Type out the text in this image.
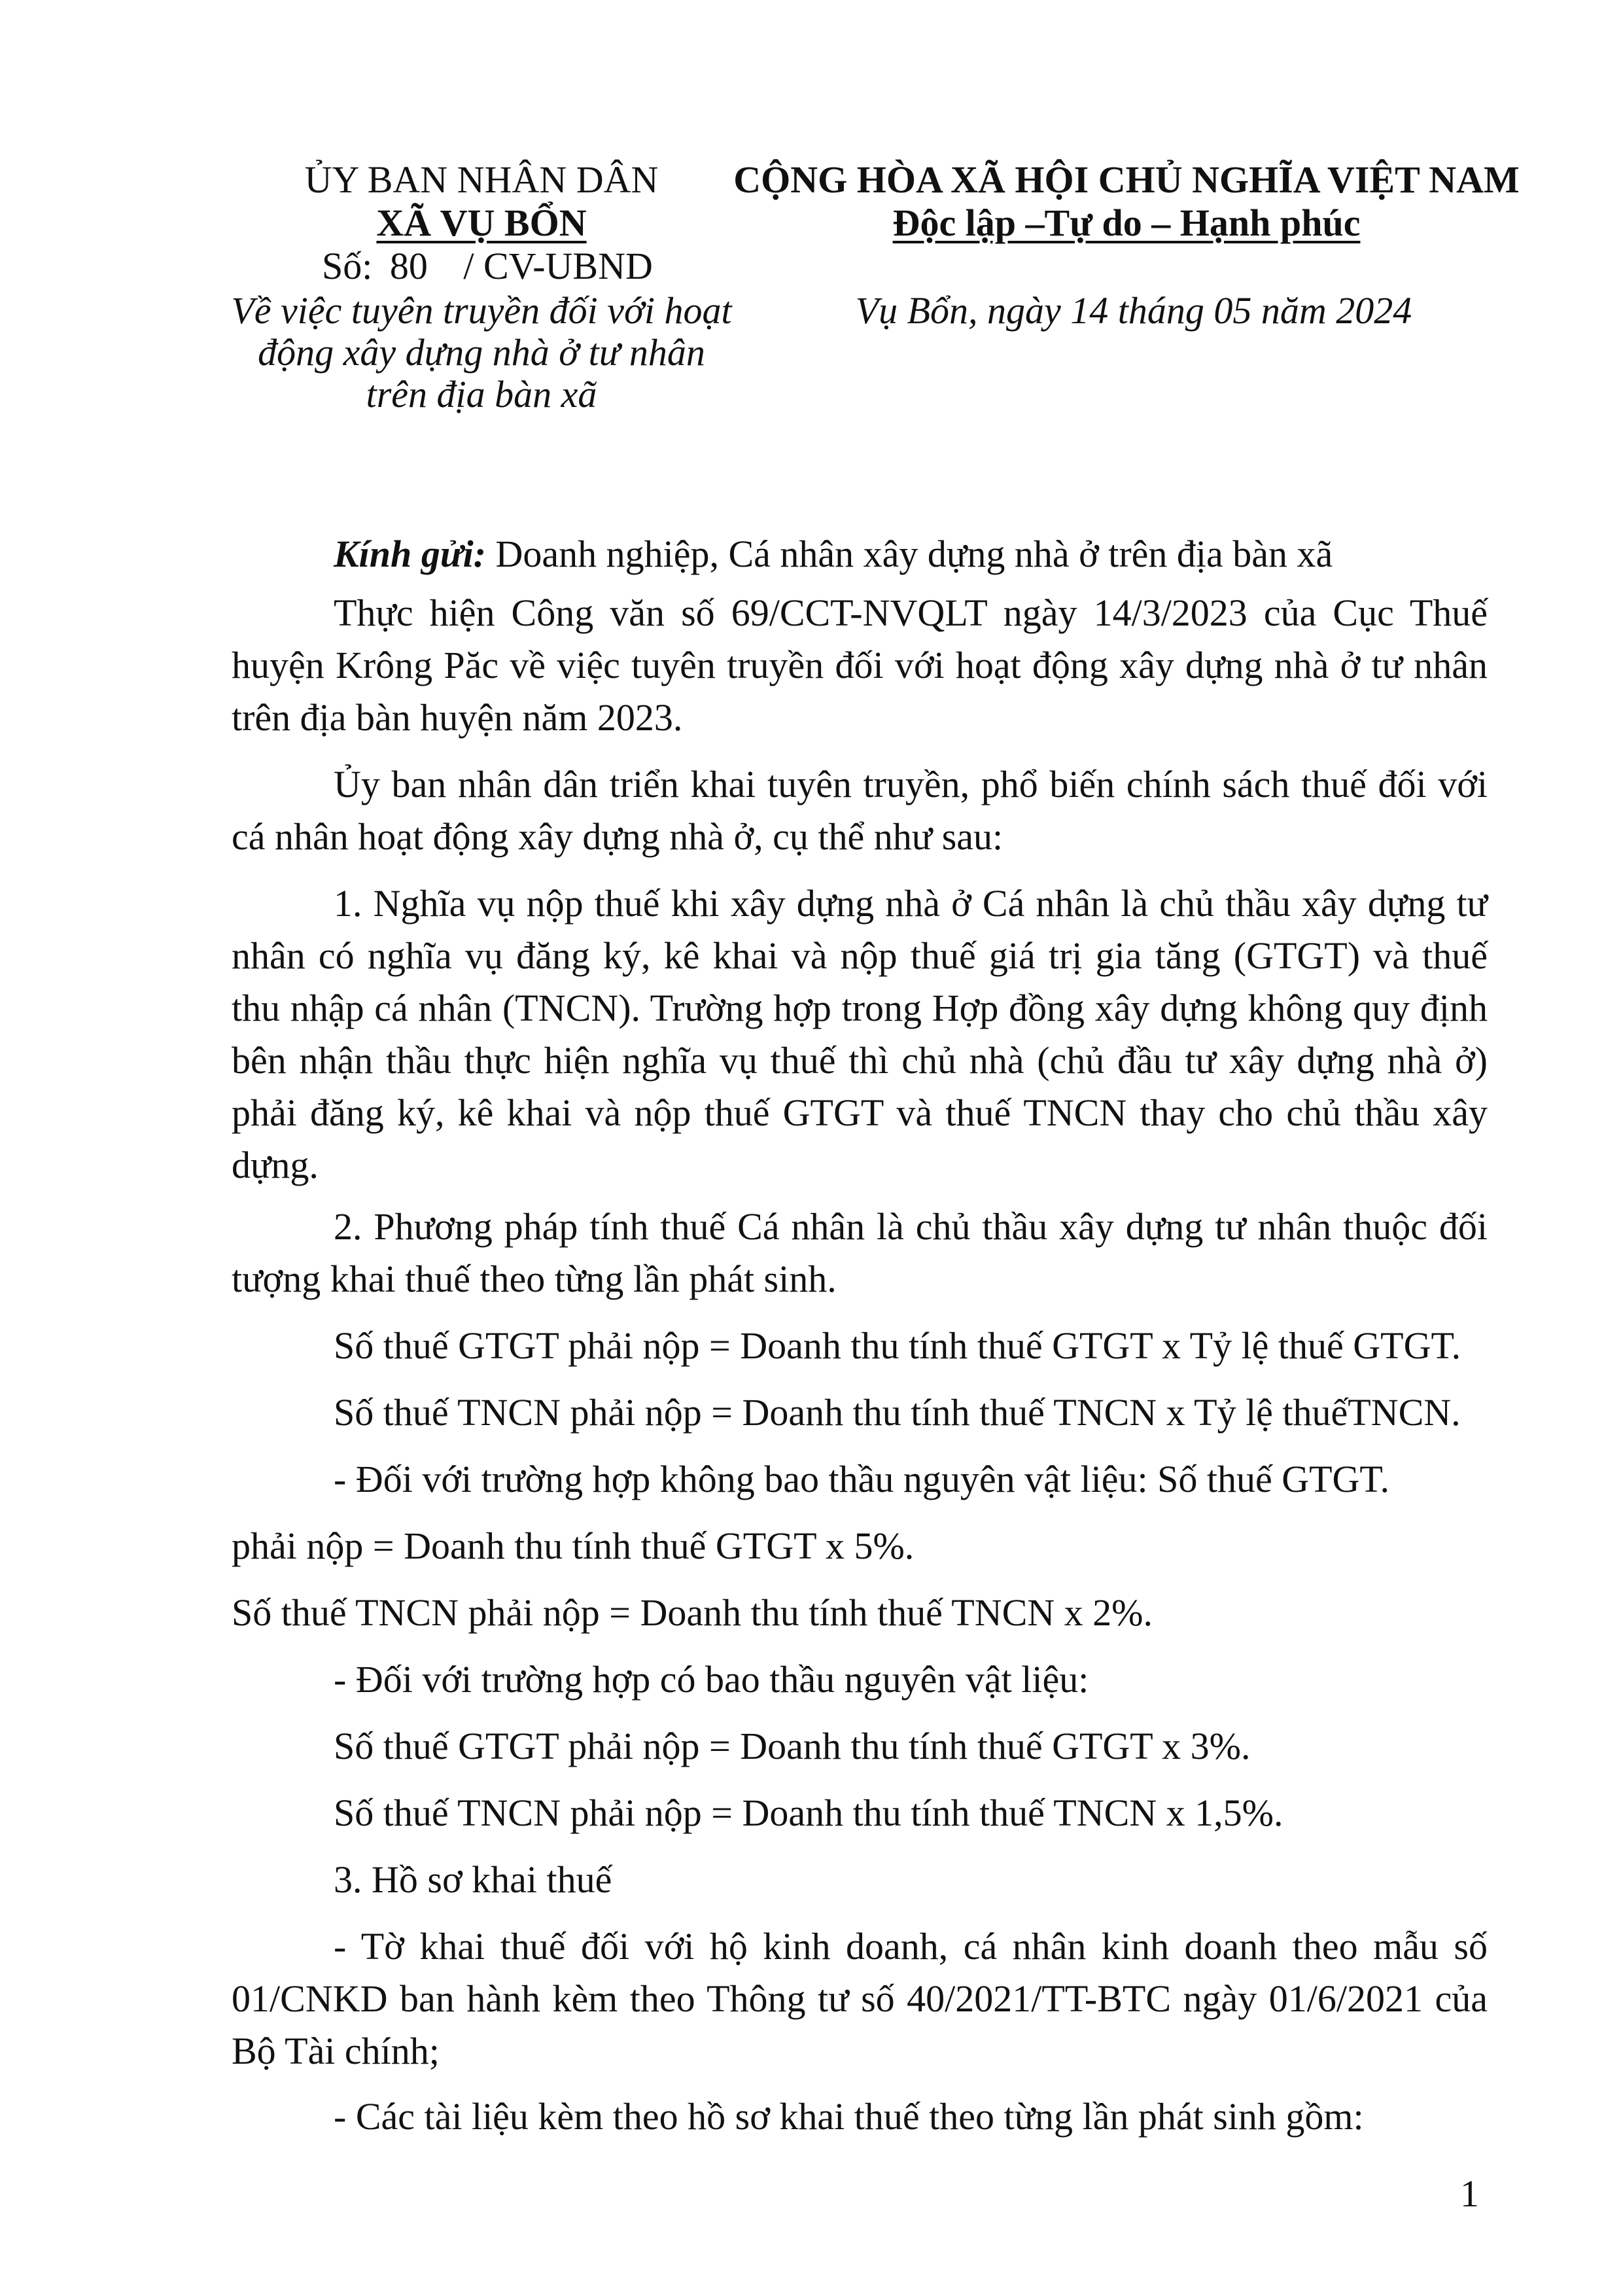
ỦY BAN NHÂN DÂN
XÃ VỤ BỔN
Số: 80 / CV-UBND
Về việc tuyên truyền đối với hoạt
động xây dựng nhà ở tư nhân
trên địa bàn xã
CỘNG HÒA XÃ HỘI CHỦ NGHĨA VIỆT NAM
Độc lập –Tự do – Hạnh phúc
Vụ Bổn, ngày 14 tháng 05 năm 2024
Kính gửi: Doanh nghiệp, Cá nhân xây dựng nhà ở trên địa bàn xã
Thực hiện Công văn số 69/CCT-NVQLT ngày 14/3/2023 của Cục Thuế
huyện Krông Păc về việc tuyên truyền đối với hoạt động xây dựng nhà ở tư nhân
trên địa bàn huyện năm 2023.
Ủy ban nhân dân triển khai tuyên truyền, phổ biến chính sách thuế đối với
cá nhân hoạt động xây dựng nhà ở, cụ thể như sau:
1. Nghĩa vụ nộp thuế khi xây dựng nhà ở Cá nhân là chủ thầu xây dựng tư
nhân có nghĩa vụ đăng ký, kê khai và nộp thuế giá trị gia tăng (GTGT) và thuế
thu nhập cá nhân (TNCN). Trường hợp trong Hợp đồng xây dựng không quy định
bên nhận thầu thực hiện nghĩa vụ thuế thì chủ nhà (chủ đầu tư xây dựng nhà ở)
phải đăng ký, kê khai và nộp thuế GTGT và thuế TNCN thay cho chủ thầu xây
dựng.
2. Phương pháp tính thuế Cá nhân là chủ thầu xây dựng tư nhân thuộc đối
tượng khai thuế theo từng lần phát sinh.
Số thuế GTGT phải nộp = Doanh thu tính thuế GTGT x Tỷ lệ thuế GTGT.
Số thuế TNCN phải nộp = Doanh thu tính thuế TNCN x Tỷ lệ thuếTNCN.
- Đối với trường hợp không bao thầu nguyên vật liệu: Số thuế GTGT.
phải nộp = Doanh thu tính thuế GTGT x 5%.
Số thuế TNCN phải nộp = Doanh thu tính thuế TNCN x 2%.
- Đối với trường hợp có bao thầu nguyên vật liệu:
Số thuế GTGT phải nộp = Doanh thu tính thuế GTGT x 3%.
Số thuế TNCN phải nộp = Doanh thu tính thuế TNCN x 1,5%.
3. Hồ sơ khai thuế
- Tờ khai thuế đối với hộ kinh doanh, cá nhân kinh doanh theo mẫu số
01/CNKD ban hành kèm theo Thông tư số 40/2021/TT-BTC ngày 01/6/2021 của
Bộ Tài chính;
- Các tài liệu kèm theo hồ sơ khai thuế theo từng lần phát sinh gồm:
1
